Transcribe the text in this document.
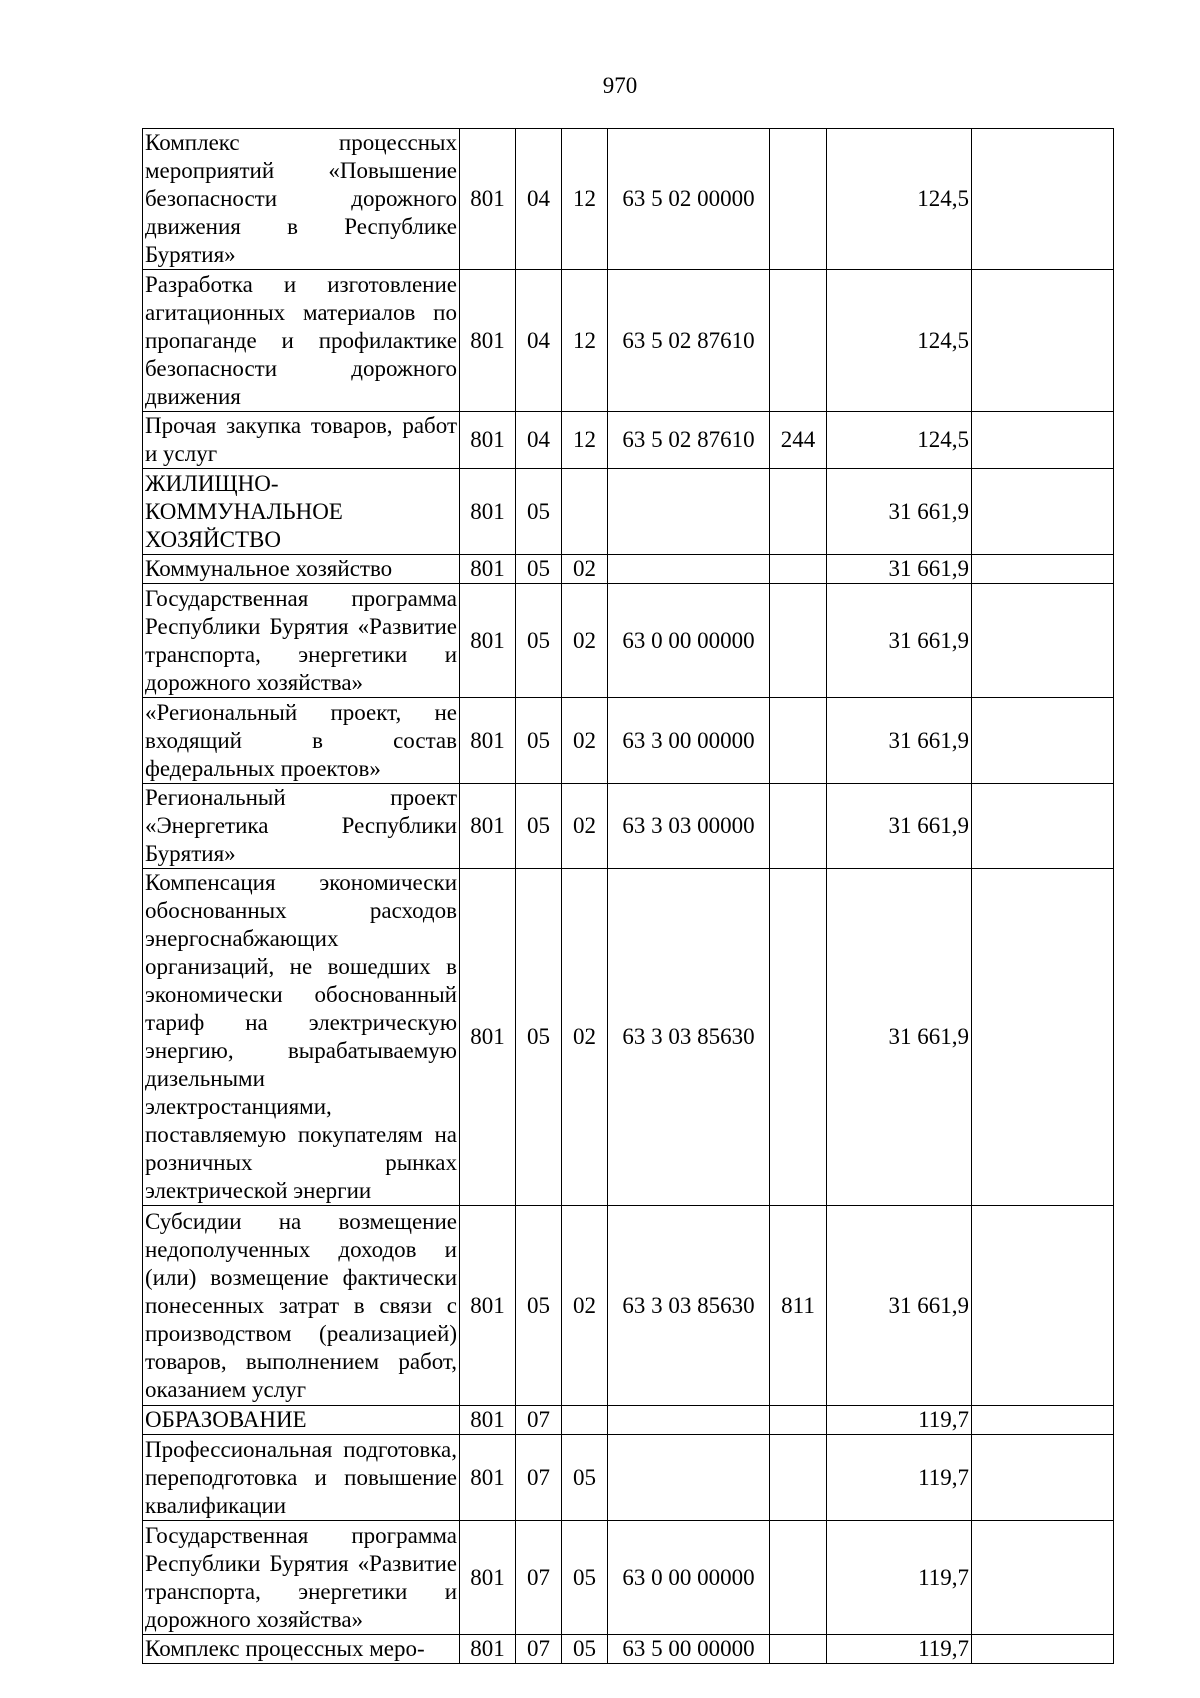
970
Комплекс процессных мероприятий «Повышение безопасности дорожного движения в Республике Бурятия»	801	04	12	63 5 02 00000		124,5	
Разработка и изготовление агитационных материалов по пропаганде и профилактике безопасности дорожного движения	801	04	12	63 5 02 87610		124,5	
Прочая закупка товаров, работ и услуг	801	04	12	63 5 02 87610	244	124,5	
ЖИЛИЩНО-КОММУНАЛЬНОЕ ХОЗЯЙСТВО	801	05				31 661,9	
Коммунальное хозяйство	801	05	02			31 661,9	
Государственная программа Республики Бурятия «Развитие транспорта, энергетики и дорожного хозяйства»	801	05	02	63 0 00 00000		31 661,9	
«Региональный проект, не входящий в состав федеральных проектов»	801	05	02	63 3 00 00000		31 661,9	
Региональный проект «Энергетика Республики Бурятия»	801	05	02	63 3 03 00000		31 661,9	
Компенсация экономически обоснованных расходов энергоснабжающих организаций, не вошедших в экономически обоснованный тариф на электрическую энергию, вырабатываемую дизельными электростанциями, поставляемую покупателям на розничных рынках электрической энергии	801	05	02	63 3 03 85630		31 661,9	
Субсидии на возмещение недополученных доходов и (или) возмещение фактически понесенных затрат в связи с производством (реализацией) товаров, выполнением работ, оказанием услуг	801	05	02	63 3 03 85630	811	31 661,9	
ОБРАЗОВАНИЕ	801	07				119,7	
Профессиональная подготовка, переподготовка и повышение квалификации	801	07	05			119,7	
Государственная программа Республики Бурятия «Развитие транспорта, энергетики и дорожного хозяйства»	801	07	05	63 0 00 00000		119,7	
Комплекс процессных меро-	801	07	05	63 5 00 00000		119,7	
